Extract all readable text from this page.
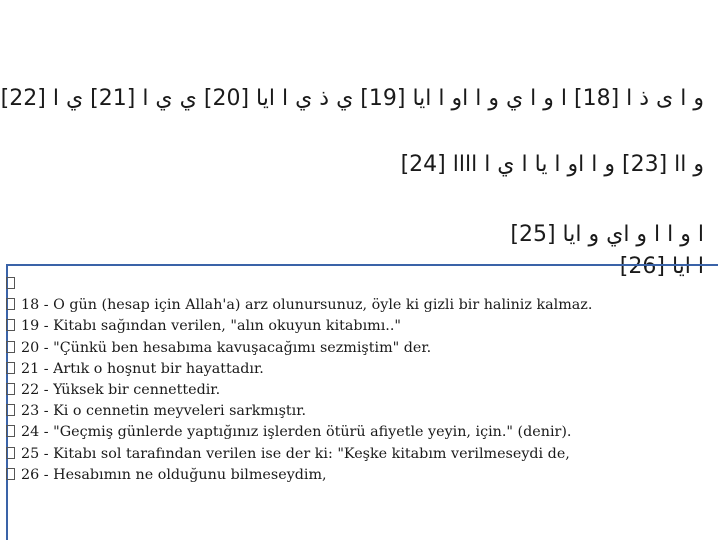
و ا ى ذ ا [18] ا و ا ي و ا او ا ايا [19] ي ذ ي ا ايا [20] ي ي ا [21] ي ا [22]
و اا [23] و ا او ا يا ا ي ا اااا [24]
ا و ا ا و اي و ايا [25]
ا ايا [26]
18 - O gün (hesap için Allah'a) arz olunursunuz, öyle ki gizli bir haliniz kalmaz.
19 - Kitabı sağından verilen, "alın okuyun kitabımı.."
20 - "Çünkü ben hesabıma kavuşacağımı sezmiştim" der.
21 - Artık o hoşnut bir hayattadır.
22 - Yüksek bir cennettedir.
23 - Ki o cennetin meyveleri sarkmıştır.
24 - "Geçmiş günlerde yaptığınız işlerden ötürü afiyetle yeyin, için." (denir).
25 - Kitabı sol tarafından verilen ise der ki: "Keşke kitabım verilmeseydi de,
26 - Hesabımın ne olduğunu bilmeseydim,
